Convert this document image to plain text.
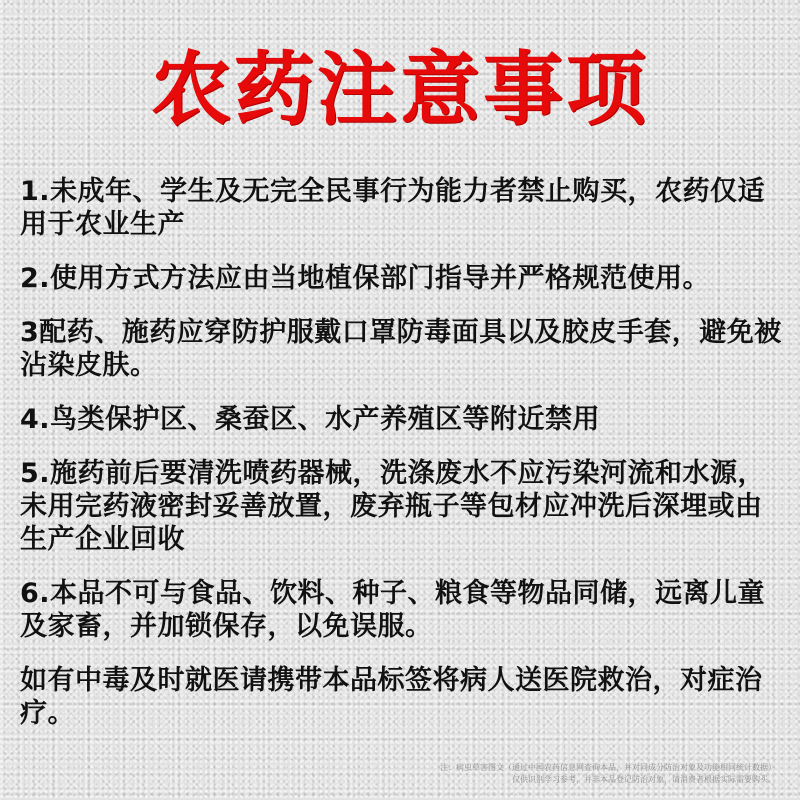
农药注意事项
1.未成年、学生及无完全民事行为能力者禁止购买，农药仅适用于农业生产
2.使用方式方法应由当地植保部门指导并严格规范使用。
3配药、施药应穿防护服戴口罩防毒面具以及胶皮手套，避免被沾染皮肤。
4.鸟类保护区、桑蚕区、水产养殖区等附近禁用
5.施药前后要清洗喷药器械，洗涤废水不应污染河流和水源，未用完药液密封妥善放置，废弃瓶子等包材应冲洗后深埋或由生产企业回收
6.本品不可与食品、饮料、种子、粮食等物品同储，远离儿童及家畜，并加锁保存，以免误服。
如有中毒及时就医请携带本品标签将病人送医院救治，对症治疗。
注：病虫草害图文（通过中国农药信息网查询本品，并对同成分防治对象及功能相同统计数据）
仅供识别学习参考，并非本品登记防治对象，请消费者根据实际需要购买。
